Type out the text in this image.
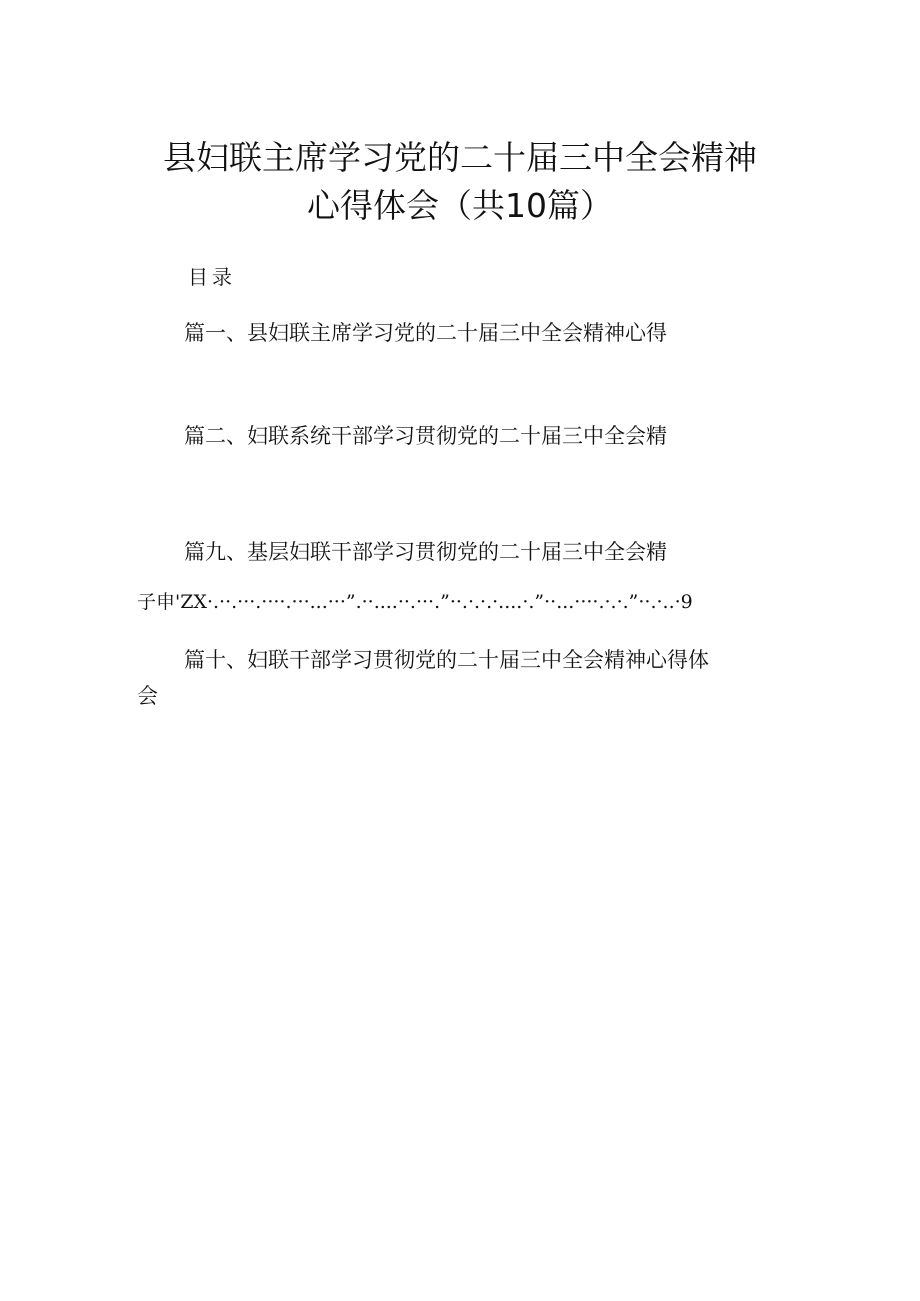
县妇联主席学习党的二十届三中全会精神
心得体会（共10篇）
目录
篇一、县妇联主席学习党的二十届三中全会精神心得
篇二、妇联系统干部学习贯彻党的二十届三中全会精
篇九、基层妇联干部学习贯彻党的二十届三中全会精
子申'ZX·.··.···.····.···...···”.··....··.···.”··.·.·.·....·.”··...····.·.·.”··.·..·9
篇十、妇联干部学习贯彻党的二十届三中全会精神心得体
会
